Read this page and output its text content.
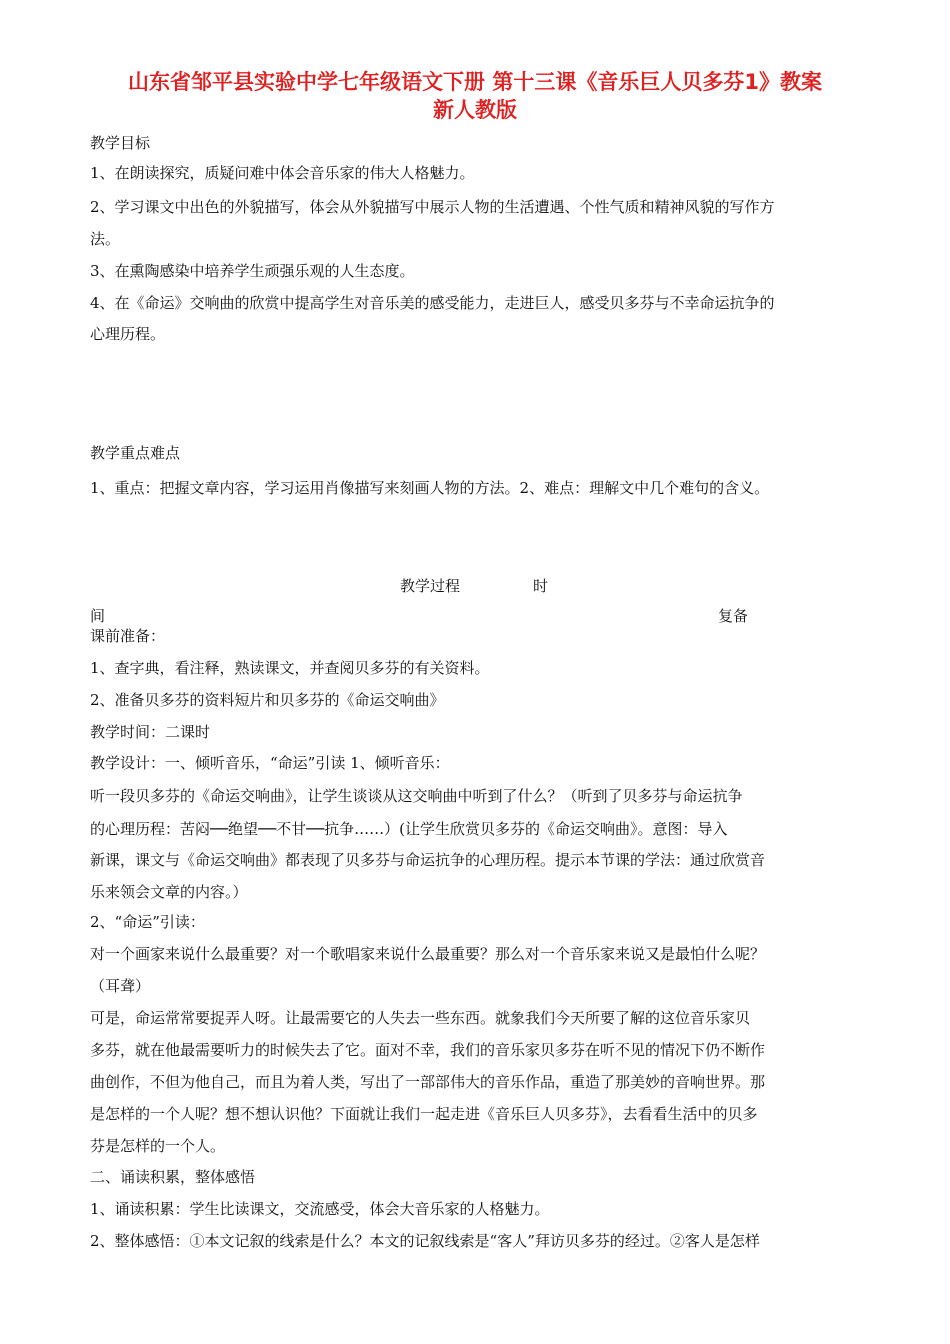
山东省邹平县实验中学七年级语文下册 第十三课《音乐巨人贝多芬1》教案
新人教版

教学目标

1、在朗读探究，质疑问难中体会音乐家的伟大人格魅力。

2、学习课文中出色的外貌描写，体会从外貌描写中展示人物的生活遭遇、个性气质和精神风貌的写作方

法。

3、在熏陶感染中培养学生顽强乐观的人生态度。

4、在《命运》交响曲的欣赏中提高学生对音乐美的感受能力，走进巨人，感受贝多芬与不幸命运抗争的

心理历程。

教学重点难点

1、重点：把握文章内容，学习运用肖像描写来刻画人物的方法。2、难点：理解文中几个难句的含义。

教学过程	时

间	复备

课前准备：

1、查字典，看注释，熟读课文，并查阅贝多芬的有关资料。

2、准备贝多芬的资料短片和贝多芬的《命运交响曲》

教学时间：二课时

教学设计：一、倾听音乐，“命运”引读 1、倾听音乐：

听一段贝多芬的《命运交响曲》，让学生谈谈从这交响曲中听到了什么？（听到了贝多芬与命运抗争

的心理历程：苦闷──绝望──不甘──抗争……）(让学生欣赏贝多芬的《命运交响曲》。意图：导入

新课，课文与《命运交响曲》都表现了贝多芬与命运抗争的心理历程。提示本节课的学法：通过欣赏音

乐来领会文章的内容。）

2、“命运”引读：

对一个画家来说什么最重要？对一个歌唱家来说什么最重要？那么对一个音乐家来说又是最怕什么呢？

（耳聋）

可是，命运常常要捉弄人呀。让最需要它的人失去一些东西。就象我们今天所要了解的这位音乐家贝

多芬，就在他最需要听力的时候失去了它。面对不幸，我们的音乐家贝多芬在听不见的情况下仍不断作

曲创作，不但为他自己，而且为着人类，写出了一部部伟大的音乐作品，重造了那美妙的音响世界。那

是怎样的一个人呢？想不想认识他？下面就让我们一起走进《音乐巨人贝多芬》，去看看生活中的贝多

芬是怎样的一个人。

二、诵读积累，整体感悟

1、诵读积累：学生比读课文，交流感受，体会大音乐家的人格魅力。

2、整体感悟：①本文记叙的线索是什么？本文的记叙线索是“客人”拜访贝多芬的经过。②客人是怎样
